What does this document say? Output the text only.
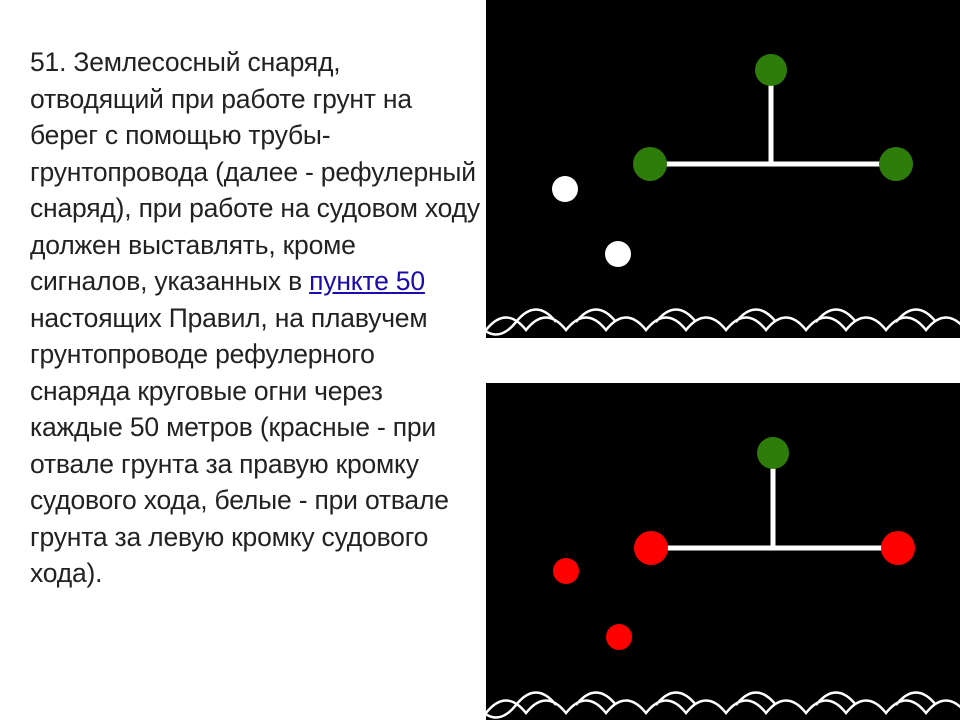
51. Землесосный снаряд, отводящий при работе грунт на берег с помощью трубы-грунтопровода (далее - рефулерный снаряд), при работе на судовом ходу должен выставлять, кроме сигналов, указанных в пункте 50 настоящих Правил, на плавучем грунтопроводе рефулерного снаряда круговые огни через каждые 50 метров (красные - при отвале грунта за правую кромку судового хода, белые - при отвале грунта за левую кромку судового хода).
